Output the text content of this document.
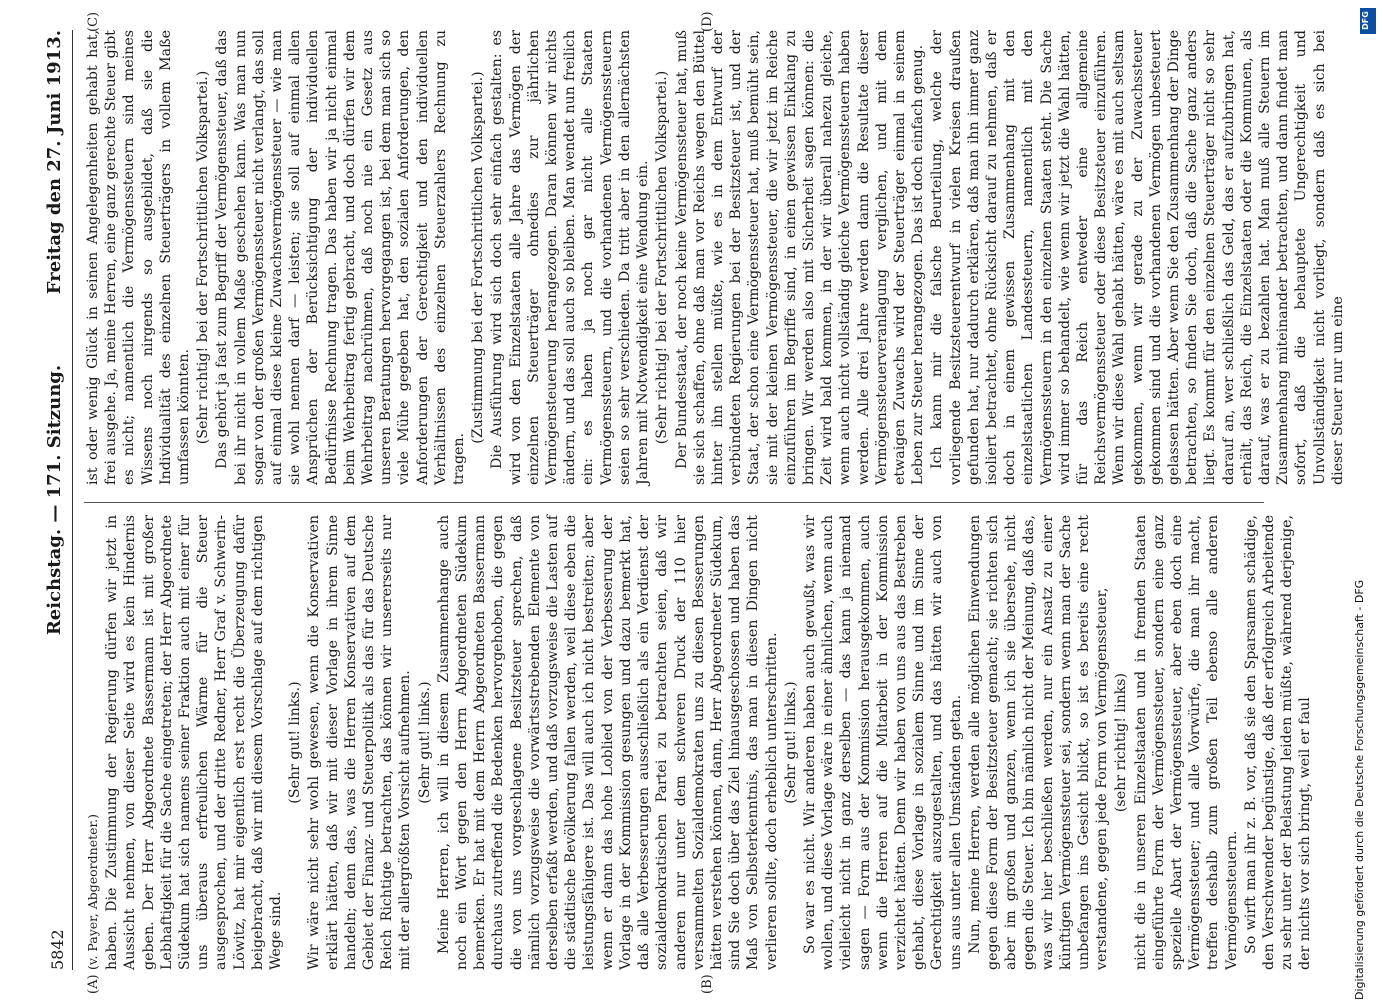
5842
Reichstag. — 171. Sitzung.
Freitag den 27. Juni 1913.

(v. Payer, Abgeordneter.) haben. Die Zustimmung der Regierung dürfen wir jetzt in Aussicht nehmen, von dieser Seite wird es kein Hindernis geben. Der Herr Abgeordnete Bassermann ist mit großer Lebhaftigkeit für die Sache eingetreten; der Herr Abgeordnete Südekum hat sich namens seiner Fraktion auch mit einer für uns überaus erfreulichen Wärme für die Steuer ausgesprochen, und der dritte Redner, Herr Graf v. Schwerin-Löwitz, hat mir eigentlich erst recht die Überzeugung dafür beigebracht, daß wir mit diesem Vorschlage auf dem richtigen Wege sind.

(Sehr gut! links.) Wir wäre nicht sehr wohl gewesen, wenn die Konservativen erklärt hätten, daß wir mit dieser Vorlage in ihrem Sinne handeln; denn das, was die Herren Konservativen auf dem Gebiet der Finanz- und Steuerpolitik als das für das Deutsche Reich Richtige betrachten, das können wir unsererseits nur mit der allergrößten Vorsicht aufnehmen. (Sehr gut! links.) Meine Herren, ich will in diesem Zusammenhange auch noch ein Wort gegen den Herrn Abgeordneten Südekum bemerken. Er hat mit dem Herrn Abgeordneten Bassermann durchaus zutreffend die Bedenken hervorgehoben, die gegen die von uns vorgeschlagene Besitzsteuer sprechen, daß nämlich vorzugsweise die vorwärtsstrebenden Elemente von derselben erfaßt werden, und daß vorzugsweise die Lasten auf die städtische Bevölkerung fallen werden, weil diese eben die leistungsfähigere ist. Das will auch ich nicht bestreiten; aber wenn er dann das hohe Loblied von der Verbesserung der Vorlage in der Kommission gesungen und dazu bemerkt hat, daß alle Verbesserungen ausschließlich als ein Verdienst der sozialdemokratischen Partei zu betrachten seien, daß wir anderen nur unter dem schweren Druck der 110 hier versammelten Sozialdemokraten uns zu diesen Besserungen hätten verstehen können, dann, Herr Abgeordneter Südekum, sind Sie doch über das Ziel hinausgeschossen und haben das Maß von Selbsterkenntnis, das man in diesen Dingen nicht verlieren sollte, doch erheblich unterschritten. (Sehr gut! links.) So war es nicht. Wir anderen haben auch gewußt, was wir wollen, und diese Vorlage wäre in einer ähnlichen, wenn auch vielleicht nicht in ganz derselben — das kann ja niemand sagen — Form aus der Kommission herausgekommen, auch wenn die Herren auf die Mitarbeit in der Kommission verzichtet hätten. Denn wir haben von uns aus das Bestreben gehabt, diese Vorlage in sozialem Sinne und im Sinne der Gerechtigkeit auszugestalten, und das hätten wir auch von uns aus unter allen Umständen getan. Nun, meine Herren, werden alle möglichen Einwendungen gegen diese Form der Besitzsteuer gemacht; sie richten sich aber im großen und ganzen, wenn ich sie übersehe, nicht gegen die Steuer. Ich bin nämlich nicht der Meinung, daß das, was wir hier beschließen werden, nur ein Ansatz zu einer künftigen Vermögenssteuer sei, sondern wenn man der Sache unbefangen ins Gesicht blickt, so ist es bereits eine recht verstandene, gegen jede Form von Vermögenssteuer, (sehr richtig! links) nicht die in unseren Einzelstaaten und in fremden Staaten eingeführte Form der Vermögenssteuer, sondern eine ganz spezielle Abart der Vermögenssteuer, aber eben doch eine Vermögenssteuer; und alle Vorwürfe, die man ihr macht, treffen deshalb zum großen Teil ebenso alle anderen Vermögenssteuern. So wirft man ihr z. B. vor, daß sie den Sparsamen schädige, den Verschwender begünstige, daß der erfolgreich Arbeitende zu sehr unter der Belastung leiden müßte, während derjenige, der nichts vor sich bringt, weil er faul

ist oder wenig Glück in seinen Angelegenheiten gehabt hat, frei ausgehe. Ja, meine Herren, eine ganz gerechte Steuer gibt es nicht; namentlich die Vermögenssteuern sind meines Wissens noch nirgends so ausgebildet, daß sie die Individualität des einzelnen Steuerträgers in vollem Maße umfassen könnten. (Sehr richtig! bei der Fortschrittlichen Volkspartei.) Das gehört ja fast zum Begriff der Vermögenssteuer, daß das bei ihr nicht in vollem Maße geschehen kann. Was man nun sogar von der großen Vermögenssteuer nicht verlangt, das soll auf einmal diese kleine Zuwachsvermögenssteuer — wie man sie wohl nennen darf — leisten; sie soll auf einmal allen Ansprüchen der Berücksichtigung der individuellen Bedürfnisse Rechnung tragen. Das haben wir ja nicht einmal beim Wehrbeitrag fertig gebracht, und doch dürfen wir dem Wehrbeitrag nachrühmen, daß noch nie ein Gesetz aus unseren Beratungen hervorgegangen ist, bei dem man sich so viele Mühe gegeben hat, den sozialen Anforderungen, den Anforderungen der Gerechtigkeit und den individuellen Verhältnissen des einzelnen Steuerzahlers Rechnung zu tragen.

(Zustimmung bei der Fortschrittlichen Volkspartei.) Die Ausführung wird sich doch sehr einfach gestalten: es wird von den Einzelstaaten alle Jahre das Vermögen der einzelnen Steuerträger ohnedies zur jährlichen Vermögensteuerung herangezogen. Daran können wir nichts ändern, und das soll auch so bleiben. Man wendet nun freilich ein: es haben ja noch gar nicht alle Staaten Vermögenssteuern, und die vorhandenen Vermögenssteuern seien so sehr verschieden. Da tritt aber in den allernächsten Jahren mit Notwendigkeit eine Wendung ein. (Sehr richtig! bei der Fortschrittlichen Volkspartei.) Der Bundesstaat, der noch keine Vermögenssteuer hat, muß sie sich schaffen, ohne daß man vor Reichs wegen den Büttel hinter ihn stellen müßte, wie es in dem Entwurf der verbündeten Regierungen bei der Besitzsteuer ist, und der Staat, der schon eine Vermögenssteuer hat, muß bemüht sein, sie mit der kleinen Vermögenssteuer, die wir jetzt im Reiche einzuführen im Begriffe sind, in einen gewissen Einklang zu bringen. Wir werden also mit Sicherheit sagen können: die Zeit wird bald kommen, in der wir überall nahezu gleiche, wenn auch nicht vollständig gleiche Vermögenssteuern haben werden. Alle drei Jahre werden dann die Resultate dieser Vermögenssteuerveranlagung verglichen, und mit dem etwaigen Zuwachs wird der Steuerträger einmal in seinem Leben zur Steuer herangezogen. Das ist doch einfach genug. Ich kann mir die falsche Beurteilung, welche der vorliegende Besitzsteuerentwurf in vielen Kreisen draußen gefunden hat, nur dadurch erklären, daß man ihn immer ganz isoliert betrachtet, ohne Rücksicht darauf zu nehmen, daß er doch in einem gewissen Zusammenhang mit den einzelstaatlichen Landessteuern, namentlich mit den Vermögenssteuern in den einzelnen Staaten steht. Die Sache wird immer so behandelt, wie wenn wir jetzt die Wahl hätten, für das Reich entweder eine allgemeine Reichsvermögenssteuer oder diese Besitzsteuer einzuführen. Wenn wir diese Wahl gehabt hätten, wäre es mit auch seltsam gekommen, wenn wir gerade zu der Zuwachssteuer gekommen sind und die vorhandenen Vermögen unbesteuert gelassen hätten. Aber wenn Sie den Zusammenhang der Dinge betrachten, so finden Sie doch, daß die Sache ganz anders liegt. Es kommt für den einzelnen Steuerträger nicht so sehr darauf an, wer schließlich das Geld, das er aufzubringen hat, erhält, das Reich, die Einzelstaaten oder die Kommunen, als darauf, was er zu bezahlen hat. Man muß alle Steuern im Zusammenhang miteinander betrachten, und dann findet man sofort, daß die behauptete Ungerechtigkeit und Unvollständigkeit nicht vorliegt, sondern daß es sich bei dieser Steuer nur um eine

(A)	(B)
(C)	(D)
Digitalisierung gefördert durch die Deutsche Forschungsgemeinschaft - DFG
DFG
